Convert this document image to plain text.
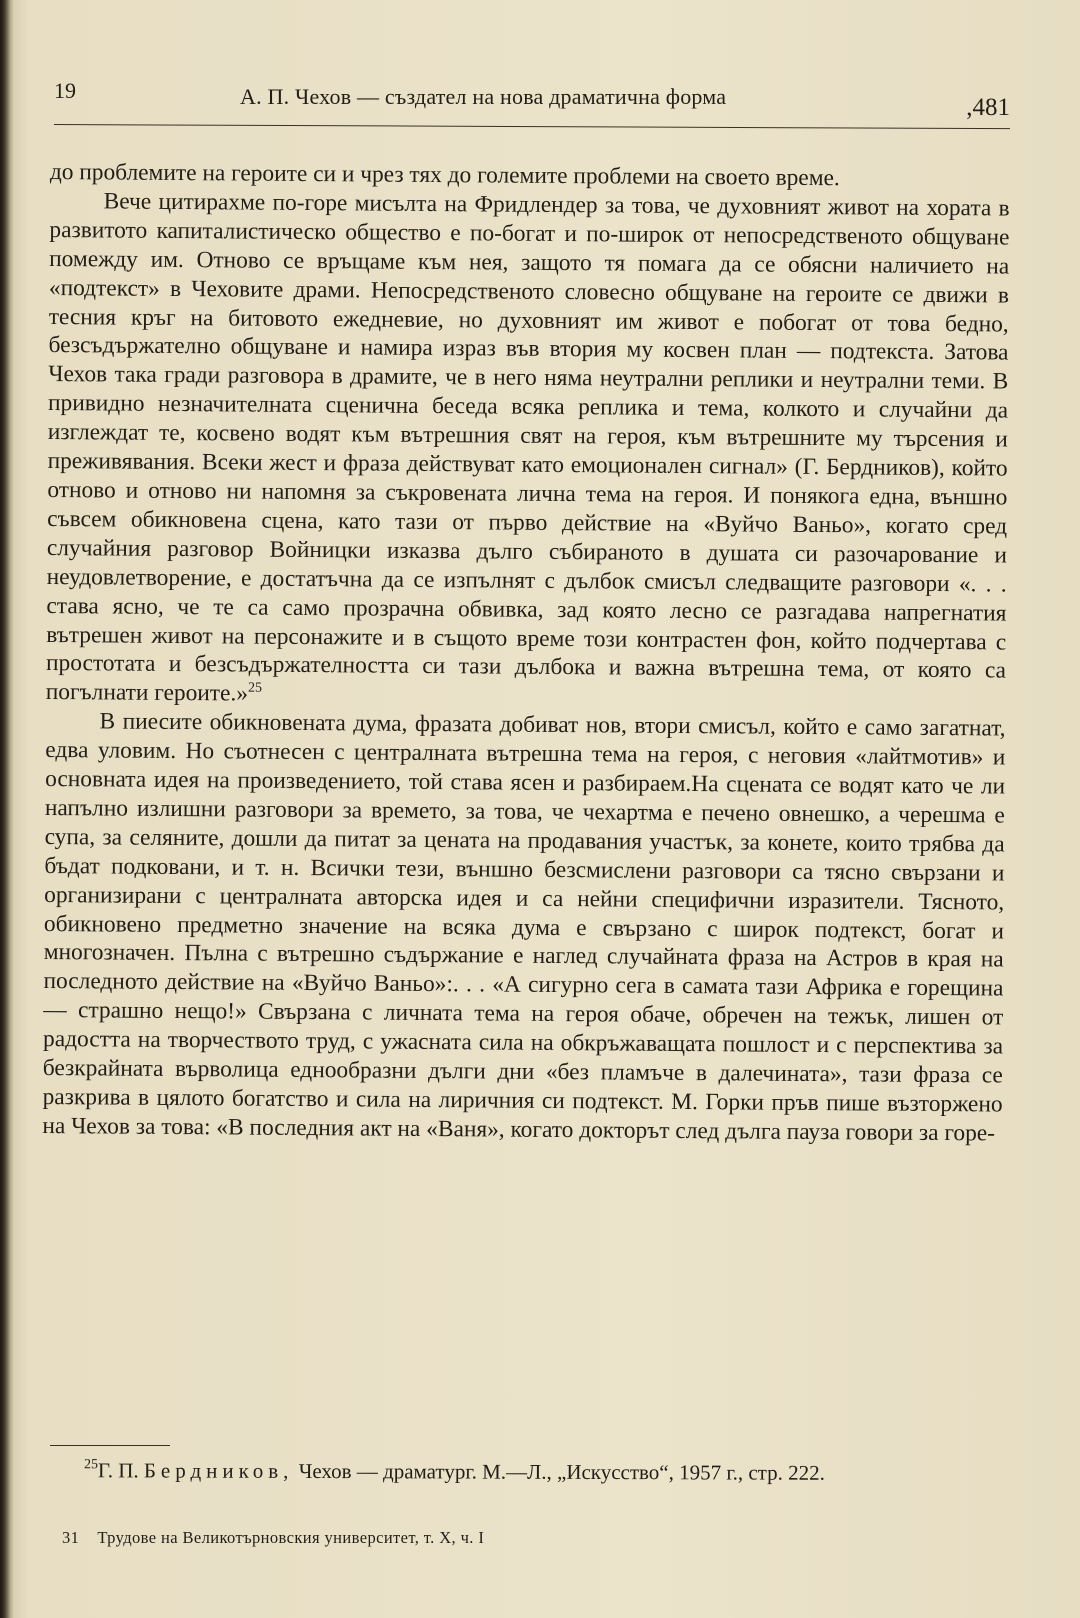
19	А. П. Чехов — създател на нова драматична форма	,481

до проблемите на героите си и чрез тях до големите проблеми на своето време.

Вече цитирахме по-горе мисълта на Фридлендер за това, че духовният живот на хората в развитото капиталистическо общество е по-богат и по-широк от непосредственото общуване помежду им. Отново се връщаме към нея, защото тя помага да се обясни наличието на «подтекст» в Чеховите драми. Непосредственото словесно общуване на героите се движи в тесния кръг на битовото ежедневие, но духовният им живот е побогат от това бедно, безсъдържателно общуване и намира израз във втория му косвен план — подтекста. Затова Чехов така гради разговора в драмите, че в него няма неутрални реплики и неутрални теми. В привидно незначителната сценична беседа всяка реплика и тема, колкото и случайни да изглеждат те, косвено водят към вътрешния свят на героя, към вътрешните му търсения и преживявания. Всеки жест и фраза действуват като емоционален сигнал» (Г. Бердников), който отново и отново ни напомня за съкровената лична тема на героя. И понякога една, външно съвсем обикновена сцена, като тази от първо действие на «Вуйчо Ваньо», когато сред случайния разговор Войницки изказва дълго събираното в душата си разочарование и неудовлетворение, е достатъчна да се изпълнят с дълбок смисъл следващите разговори «. . . става ясно, че те са само прозрачна обвивка, зад която лесно се разгадава напрегнатия вътрешен живот на персонажите и в същото време този контрастен фон, който подчертава с простотата и безсъдържателността си тази дълбока и важна вътрешна тема, от която са погълнати героите.»$^{25}$

В пиесите обикновената дума, фразата добиват нов, втори смисъл, който е само загатнат, едва уловим. Но съотнесен с централната вътрешна тема на героя, с неговия «лайтмотив» и основната идея на произведението, той става ясен и разбираем.На сцената се водят като че ли напълно излишни разговори за времето, за това, че чехартма е печено овнешко, а черешма е супа, за селяните, дошли да питат за цената на продавания участък, за конете, които трябва да бъдат подковани, и т. н. Всички тези, външно безсмислени разговори са тясно свързани и организирани с централната авторска идея и са нейни специфични изразители. Тясното, обикновено предметно значение на всяка дума е свързано с широк подтекст, богат и многозначен. Пълна с вътрешно съдържание е наглед случайната фраза на Астров в края на последното действие на «Вуйчо Ваньо»:. . . «А сигурно сега в самата тази Африка е горещина — страшно нещо!» Свързана с личната тема на героя обаче, обречен на тежък, лишен от радостта на творчеството труд, с ужасната сила на обкръжаващата пошлост и с перспектива за безкрайната върволица еднообразни дълги дни «без пламъче в далечината», тази фраза се разкрива в цялото богатство и сила на лиричния си подтекст. М. Горки пръв пише възторжено на Чехов за това: «В последния акт на «Ваня», когато докторът след дълга пауза говори за горе-

$^{25}$Г. П. Бердников, Чехов — драматург. М.—Л., „Искусство“, 1957 г., стр. 222.

31 Трудове на Великотърновския университет, т. X, ч. I
